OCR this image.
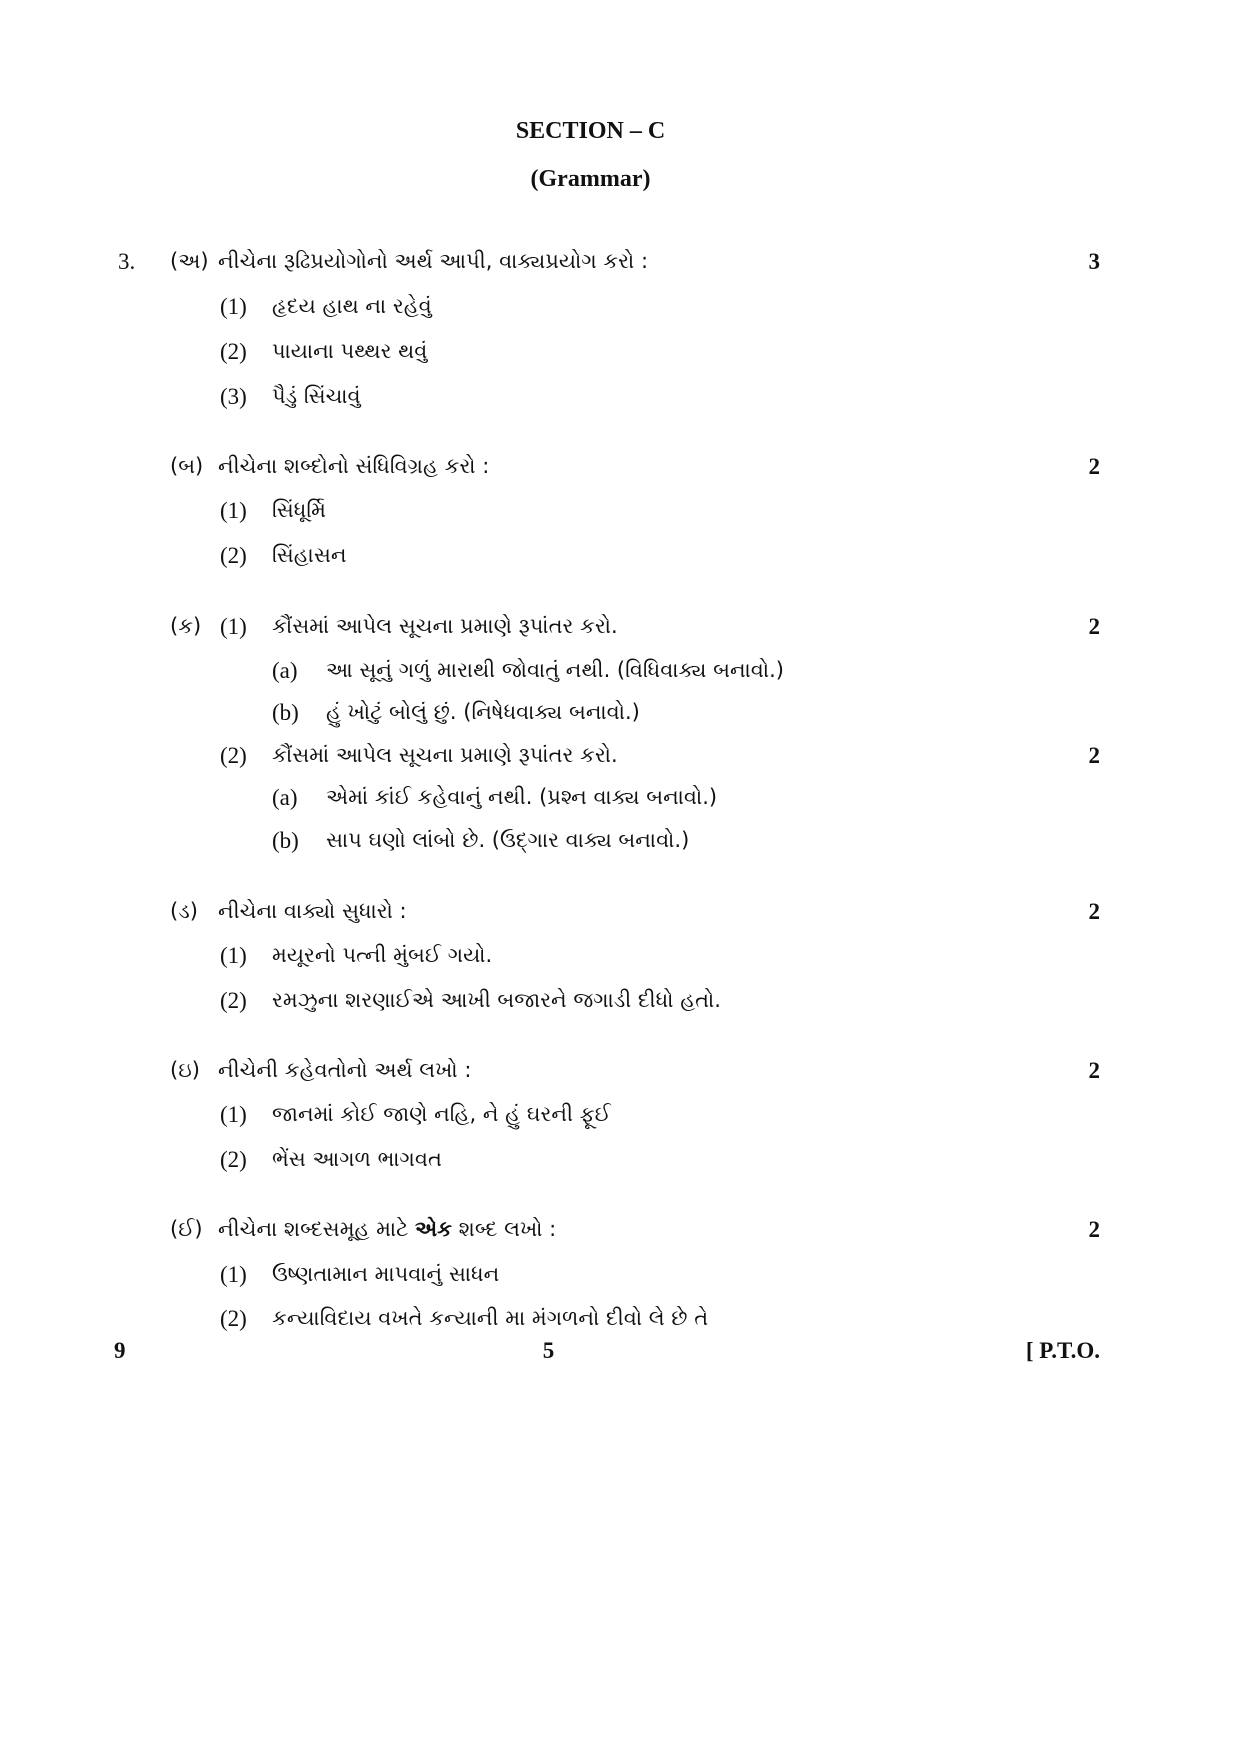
SECTION – C
(Grammar)
3. (અ) નીચેના રૂઢિપ્રયોગોનો અર્થ આપી, વાક્યપ્રયોગ કરો :	3
(1) હૃદય હાથ ના રહેવું
(2) પાયાના પથ્થર થવું
(3) પૈડું સિંચાવું
(બ) નીચેના શબ્દોનો સંધિવિગ્રહ કરો :	2
(1) સિંધૂર્મિ
(2) સિંહાસન
(ક) (1) કૌંસમાં આપેલ સૂચના પ્રમાણે રૂપાંતર કરો.	2
(a) આ સૂનું ગળું મારાથી જોવાતું નથી. (વિધિવાક્ય બનાવો.)
(b) હું ખોટું બોલું છું. (નિષેધવાક્ય બનાવો.)
(2) કૌંસમાં આપેલ સૂચના પ્રમાણે રૂપાંતર કરો.	2
(a) એમાં કાંઈ કહેવાનું નથી. (પ્રશ્ન વાક્ય બનાવો.)
(b) સાપ ઘણો લાંબો છે. (ઉદ્ગાર વાક્ય બનાવો.)
(ડ) નીચેના વાક્યો સુધારો :	2
(1) મયૂરનો પત્ની મુંબઈ ગયો.
(2) રમઝુના શરણાઈએ આખી બજારને જગાડી દીધો હતો.
(ઇ) નીચેની કહેવતોનો અર્થ લખો :	2
(1) જાનમાં કોઈ જાણે નહિ, ને હું ઘરની ફૂઈ
(2) ભેંસ આગળ ભાગવત
(ઈ) નીચેના શબ્દસમૂહ માટે એક શબ્દ લખો :	2
(1) ઉષ્ણતામાન માપવાનું સાધન
(2) કન્યાવિદાય વખતે કન્યાની મા મંગળનો દીવો લે છે તે
9	5	[ P.T.O.
